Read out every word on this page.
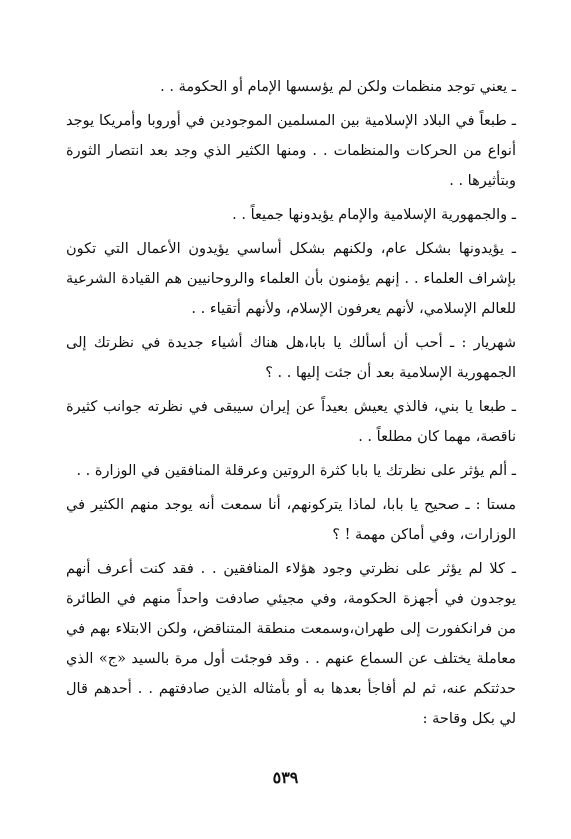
ـ يعني توجد منظمات ولكن لم يؤسسها الإمام أو الحكومة . .

ـ طبعاً في البلاد الإسلامية بين المسلمين الموجودين في أوروبا وأمريكا يوجد أنواع من الحركات والمنظمات . . ومنها الكثير الذي وجد بعد انتصار الثورة وبتأثيرها . .

ـ والجمهورية الإسلامية والإمام يؤيدونها جميعاً . .

ـ يؤيدونها بشكل عام، ولكنهم بشكل أساسي يؤيدون الأعمال التي تكون بإشراف العلماء . . إنهم يؤمنون بأن العلماء والروحانيين هم القيادة الشرعية للعالم الإسلامي، لأنهم يعرفون الإسلام، ولأنهم أتقياء . .

شهريار : ـ أحب أن أسألك يا بابا،هل هناك أشياء جديدة في نظرتك إلى الجمهورية الإسلامية بعد أن جئت إليها . . ؟

ـ طبعا يا بني، فالذي يعيش بعيداً عن إيران سيبقى في نظرته جوانب كثيرة ناقصة، مهما كان مطلعاً . .

ـ ألم يؤثر على نظرتك يا بابا كثرة الروتين وعرقلة المنافقين في الوزارة . .

مستا : ـ صحيح يا بابا، لماذا يتركونهم، أنا سمعت أنه يوجد منهم الكثير في الوزارات، وفي أماكن مهمة ! ؟

ـ كلا لم يؤثر على نظرتي وجود هؤلاء المنافقين . . فقد كنت أعرف أنهم يوجدون في أجهزة الحكومة، وفي مجيئي صادفت واحداً منهم في الطائرة من فرانكفورت إلى طهران،وسمعت منطقة المتناقض، ولكن الابتلاء بهم في معاملة يختلف عن السماع عنهم . . وقد فوجئت أول مرة بالسيد «ج» الذي حدثتكم عنه، ثم لم أفاجأ بعدها به أو بأمثاله الذين صادفتهم . . أحدهم قال لي بكل وقاحة :

٥٣٩
